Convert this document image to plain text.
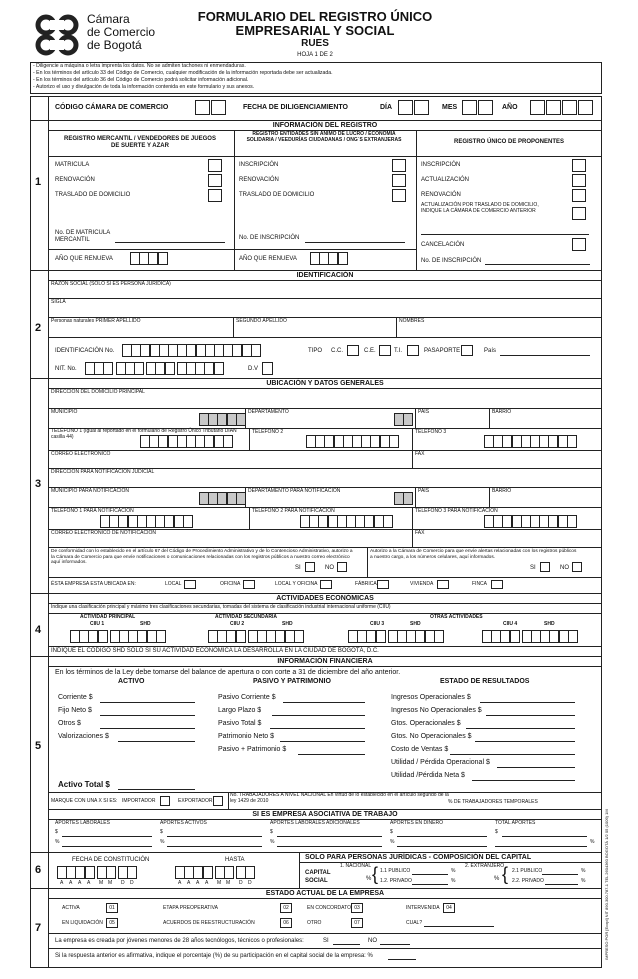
Cámara
de Comercio
de Bogotá
FORMULARIO DEL REGISTRO ÚNICO
EMPRESARIAL Y SOCIAL
RUES
HOJA 1 DE 2
- Diligencie a máquina o letra imprenta los datos. No se admiten tachones ni enmendaduras.
- En los términos del artículo 33 del Código de Comercio, cualquier modificación de la información reportada debe ser actualizada.
- En los términos del artículo 36 del Código de Comercio podrá solicitar información adicional.
- Autorizo el uso y divulgación de toda la información contenida en este formulario y sus anexos.
CÓDIGO CÁMARA DE COMERCIO	FECHA DE DILIGENCIAMIENTO	DÍA	MES	AÑO
INFORMACIÓN DEL REGISTRO
1
REGISTRO MERCANTIL / VENDEDORES DE JUEGOS DE SUERTE Y AZAR
REGISTRO ENTIDADES SIN ÁNIMO DE LUCRO / ECONOMÍA SOLIDARIA / VEEDURÍAS CIUDADANAS / ONG´S EXTRANJERAS	REGISTRO ÚNICO DE PROPONENTES
MATRICULA
RENOVACIÓN
TRASLADO DE DOMICILIO
INSCRIPCIÓN
RENOVACIÓN
TRASLADO DE DOMICILIO
INSCRIPCIÓN
ACTUALIZACIÓN
RENOVACIÓN
ACTUALIZACIÓN POR TRASLADO DE DOMICILIO, INDIQUE LA CÁMARA DE COMERCIO ANTERIOR
CANCELACIÓN
No. DE MATRICULA MERCANTIL	No. DE INSCRIPCIÓN
AÑO QUE RENUEVA	AÑO QUE RENUEVA	No. DE INSCRIPCIÓN
IDENTIFICACIÓN
2
RAZÓN SOCIAL (SOLO SI ES PERSONA JURÍDICA)
SIGLA
Personas naturales PRIMER APELLIDO	SEGUNDO APELLIDO	NOMBRES
IDENTIFICACIÓN No.	TIPO C.C.	C.E.	T.I.	PASAPORTE	País
NIT. No.	D.V
UBICACIÓN Y DATOS GENERALES
3
DIRECCIÓN DEL DOMICILIO PRINCIPAL
MUNICIPIO	DEPARTAMENTO	PAIS	BARRIO
TELÉFONO 1 (Igual al reportado en el formulario de Registro Único Tributario DIAN casilla 44)
TELÉFONO 2	TELÉFONO 3
CORREO ELECTRÓNICO	FAX
DIRECCIÓN PARA NOTIFICACIÓN JUDICIAL
MUNICIPIO PARA NOTIFICACIÓN	DEPARTAMENTO PARA NOTIFICACIÓN	PAIS	BARRIO
TELEFONO 1 PARA NOTIFICACION	TELEFONO 2 PARA NOTIFICACION	TELEFONO 3 PARA NOTIFICACION
CORREO ELECTRONICO DE NOTIFICACION	FAX
De conformidad con lo establecido en el artículo 67 del Código de Procedimiento Administrativo y de lo Contencioso Administrativo, autorizo a la Cámara de Comercio para que envíe notificaciones o comunicaciones relacionadas con los registros públicos a nuestro correo electrónico aquí informados.
SI	NO
Autorizo a la Cámara de Comercio para que envíe alertas relacionadas con los registros públicos a nuestro cargo, a los números celulares, aquí informados.
SI	NO
ÉSTA EMPRESA ESTA UBICADA EN:	LOCAL	OFICINA	LOCAL Y OFICINA	FÁBRICA	VIVIENDA	FINCA
ACTIVIDADES ECONÓMICAS
4
Indique una clasificación principal y máximo tres clasificaciones secundarias, tomadas del sistema de clasificación industrial internacional uniforme (CIIU)
ACTIVIDAD PRINCIPAL	ACTIVIDAD SECUNDARIA	OTRAS ACTIVIDADES
CIIU 1	SHD	CIIU 2	SHD	CIIU 3	SHD	CIIU 4	SHD
INDIQUE EL CÓDIGO SHD SOLO SI SU ACTIVIDAD ECONÓMICA LA DESARROLLA EN LA CIUDAD DE BOGOTÁ, D.C.
INFORMACIÓN FINANCIERA
5
En los términos de la Ley debe tomarse del balance de apertura o con corte a 31 de diciembre del año anterior.
ACTIVO	PASIVO Y PATRIMONIO	ESTADO DE RESULTADOS
Corriente $
Fijo Neto $
Otros $
Valorizaciones $
Pasivo Corriente $
Largo Plazo $
Pasivo Total $
Patrimonio Neto $
Pasivo + Patrimonio $
Ingresos Operacionales $
Ingresos No Operacionales $
Gtos. Operacionales $
Gtos. No Operacionales $
Costo de Ventas $
Utilidad / Pérdida Operacional $
Utilidad /Pérdida Neta $
Activo Total $
MARQUE CON UNA X SI ES: IMPORTADOR	EXPORTADOR
No. TRABAJADORES A NIVEL NACIONAL En virtud de lo establecido en el artículo segundo de la ley 1429 de 2010	% DE TRABAJADORES TEMPORALES
SI ES EMPRESA ASOCIATIVA DE TRABAJO
APORTES LABORALES	APORTES ACTIVOS	APORTES LABORALES ADICIONALES	APORTES EN DINERO	TOTAL APORTES
$	$	$	$	$
%	%	%	%	%
6
FECHA DE CONSTITUCIÓN	HASTA
A A A A M M D D	A A A A M M D D
SOLO PARA PERSONAS JURÍDICAS - COMPOSICIÓN DEL CAPITAL
CAPITAL
SOCIAL
1. NACIONAL	2. EXTRANJERO
%	%
{ 1.1 PUBLICO	%
1.2. PRIVADO	%	{ 2.1 PUBLICO	%
2.2. PRIVADO	%
ESTADO ACTUAL DE LA EMPRESA
7
ACTIVA	01	ETAPA PREOPERATIVA	02	EN CONCORDATO 03	INTERVENIDA	04
EN LIQUIDACIÓN	05	ACUERDOS DE REESTRUCTURACIÓN	06	OTRO	07	CUAL?
La empresa es creada por jóvenes menores de 28 años tecnólogos, técnicos o profesionales:	SI	NO
Si la respuesta anterior es afirmativa, indique el porcentaje (%) de su participación en el capital social de la empresa: %	IMPRESO POR [Ecopi] NIT 890.300.787-1 TEL 2604360 BOGOTÁ 1/2 05 (1009) 1M
